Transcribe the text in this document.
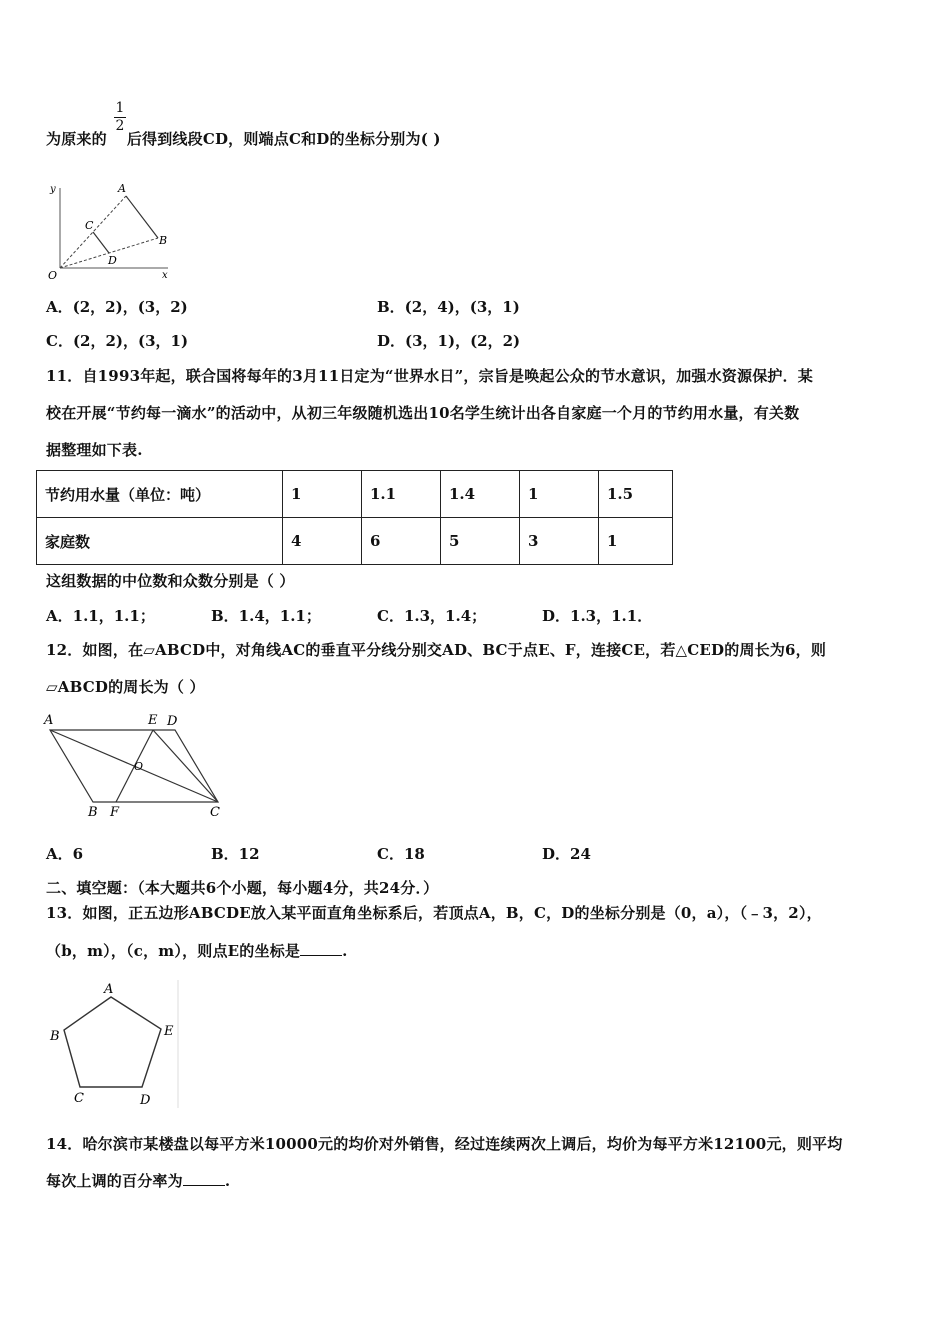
1
2
为原来的 后得到线段CD，则端点C和D的坐标分别为( )
y
x
O
A
B
C
D
A．(2，2)，(3，2)	B．(2，4)，(3，1)
C．(2，2)，(3，1)	D．(3，1)，(2，2)
11．自1993年起，联合国将每年的3月11日定为“世界水日”，宗旨是唤起公众的节水意识，加强水资源保护．某
校在开展“节约每一滴水”的活动中，从初三年级随机选出10名学生统计出各自家庭一个月的节约用水量，有关数
据整理如下表.
节约用水量（单位：吨）	1	1.1	1.4	1	1.5
家庭数	4	6	5	3	1
这组数据的中位数和众数分别是（ ）
A．1.1，1.1；	B．1.4，1.1；	C．1.3，1.4；	D．1.3，1.1．
12．如图，在▱ABCD中，对角线AC的垂直平分线分别交AD、BC于点E、F，连接CE，若△CED的周长为6，则
▱ABCD的周长为（ ）
A	E D
O
B F	C
A．6	B．12	C．18	D．24
二、填空题：（本大题共6个小题，每小题4分，共24分．）
13．如图，正五边形ABCDE放入某平面直角坐标系后，若顶点A，B，C，D的坐标分别是（0，a），（﹣3，2），
（b，m），（c，m），则点E的坐标是	.
A
B	E
C	D
14．哈尔滨市某楼盘以每平方米10000元的均价对外销售，经过连续两次上调后，均价为每平方米12100元，则平均
每次上调的百分率为	.
